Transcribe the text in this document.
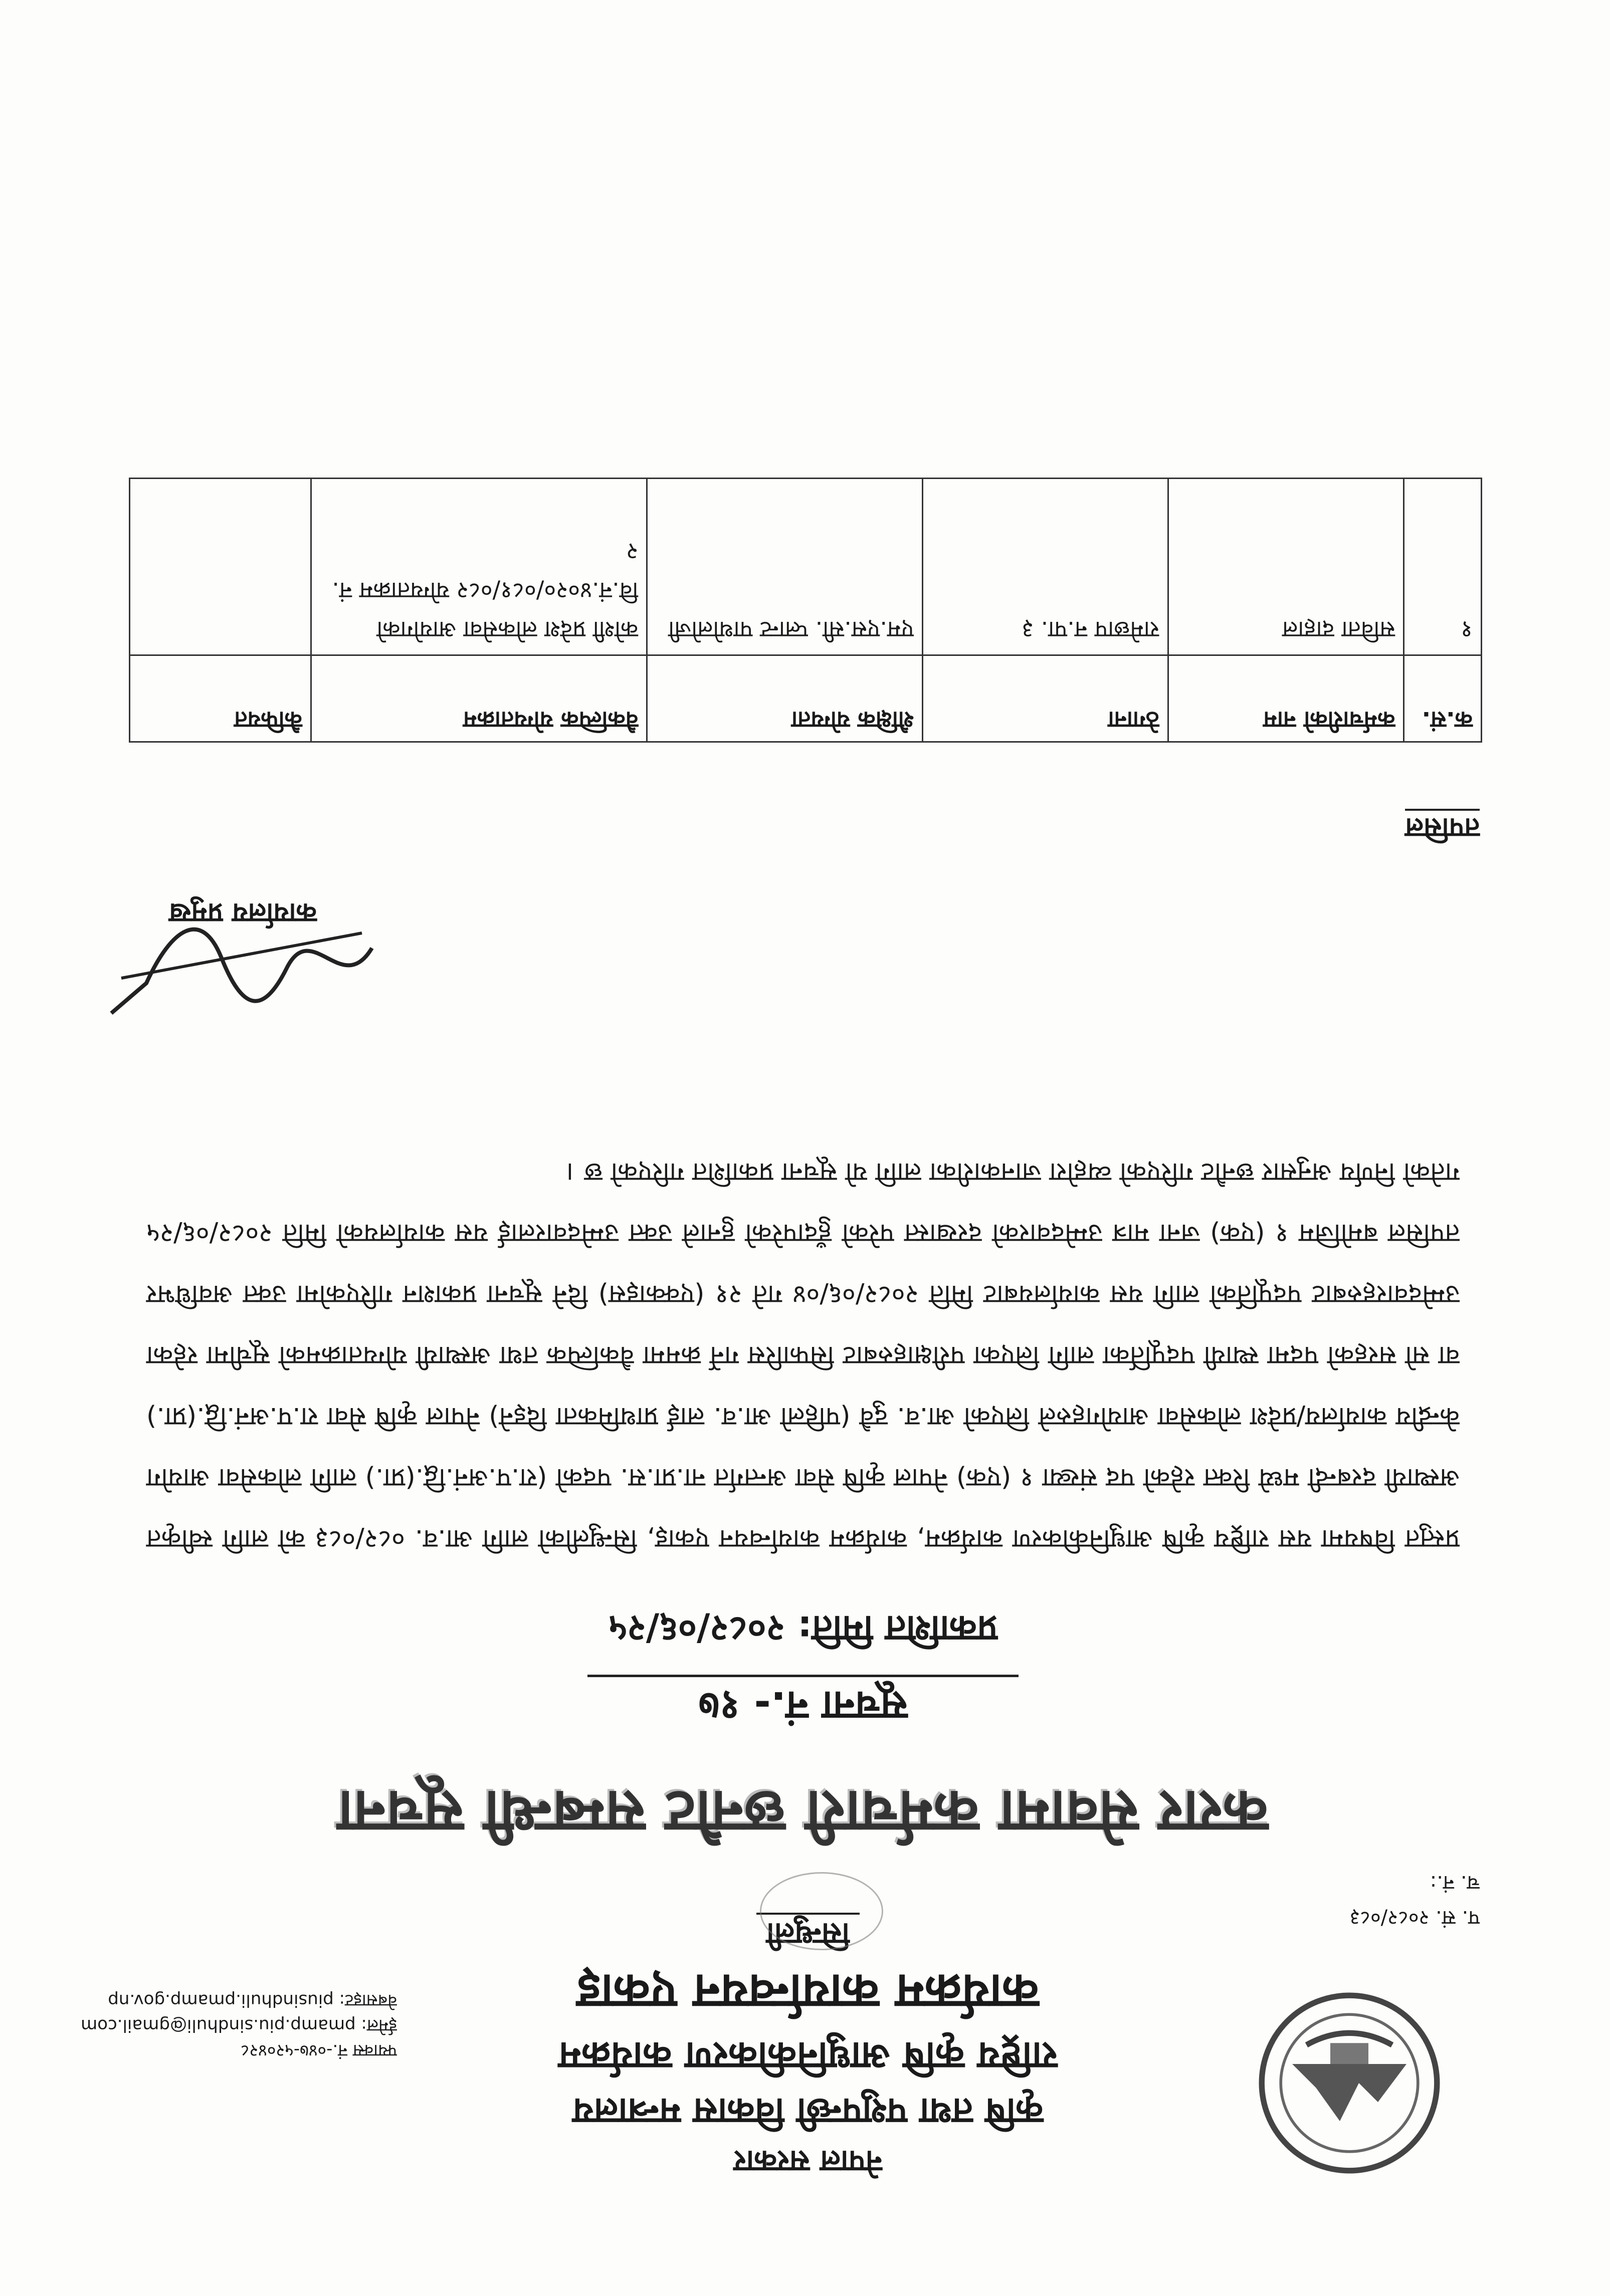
नेपाल सरकार
कृषि तथा पशुपन्छी विकास मन्त्रालय
राष्ट्रिय कृषि आधुनिकीकरण कार्यक्रम
कार्यक्रम कार्यान्वयन एकाइ
सिन्धुली
फ्याक्स नं.-०४७-५२०४२८
ईमेल: pmamp.piu.sindhuli@gmail.com
वेबसाइट: piusindhuli.pmamp.gov.np
प. सं. २०८२/०८३
च. नं.:
करार सेवामा कर्मचारी छनौट सम्बन्धी सूचना
सूचना नं.- १७
प्रकाशित मिति: २०८२/०६/२५
प्रस्तुत विषयमा यस राष्ट्रिय कृषि आधुनिकीकरण कार्यक्रम, कार्यक्रम कार्यान्वयन एकाइ, सिन्धुलीको लागि आ.व. ०८२/०८३ को लागि स्वीकृत अस्थायी दरबन्दी मध्ये रिक्त रहेको पद संख्या १ (एक) नेपाल कृषि सेवा अन्तर्गत ना.प्रा.स. पदको (रा.प.अनं.द्वि.(प्रा.) लागि लोकसेवा आयोग केन्द्रीय कार्यालय/प्रदेश लोकसेवा आयोगहरुले लिएको आ.व. दुवै (पहिलो आ.व. लाई प्राथमिकता दिइने) नेपाल कृषि सेवा रा.प.अनं.द्वि.(प्रा.) वा सो सरहको पदमा स्थायी पदपूर्तिका लागि लिएका परीक्षाहरुबाट सिफारिस गर्ने क्रममा वैकल्पिक तथा अस्थायी योग्यताक्रमको सूचीमा रहेका उम्मेदवारहरुबाट पदपूर्तिको लागि यस कार्यालयबाट मिति २०८२/०६/०४ गते २१ (एक्काइस) दिने सूचना प्रकाशन गरिएकोमा उक्त अवधिभर तपसिल बमोजिम १ (एक) जना मात्र उम्मेदवारको दरखास्त परेको हुँदापरेको हुनाले उक्त उम्मेदवारलाई यस कार्यालयको मिति २०८२/०६/२५ गतेको निर्णय अनुसार छनौट गरिएको व्यहोरा जानकारीका लागि यो सूचना प्रकाशित गरिएको छ ।
कार्यालय प्रमुख
तपसिल
क.सं.	कर्मचारीको नाम	ठेगाना	शैक्षिक योग्यता	वैकल्पिक योग्यताक्रम	कैफियत
१	सविता दाहाल	रामेछाप न.पा. ३	एम.एस.सी. प्लान्ट पाथोलोजी	कोशी प्रदेश लोकसेवा आयोगको वि.नं.४०२०/०८१/०८२ योग्यताक्रम नं. २	
